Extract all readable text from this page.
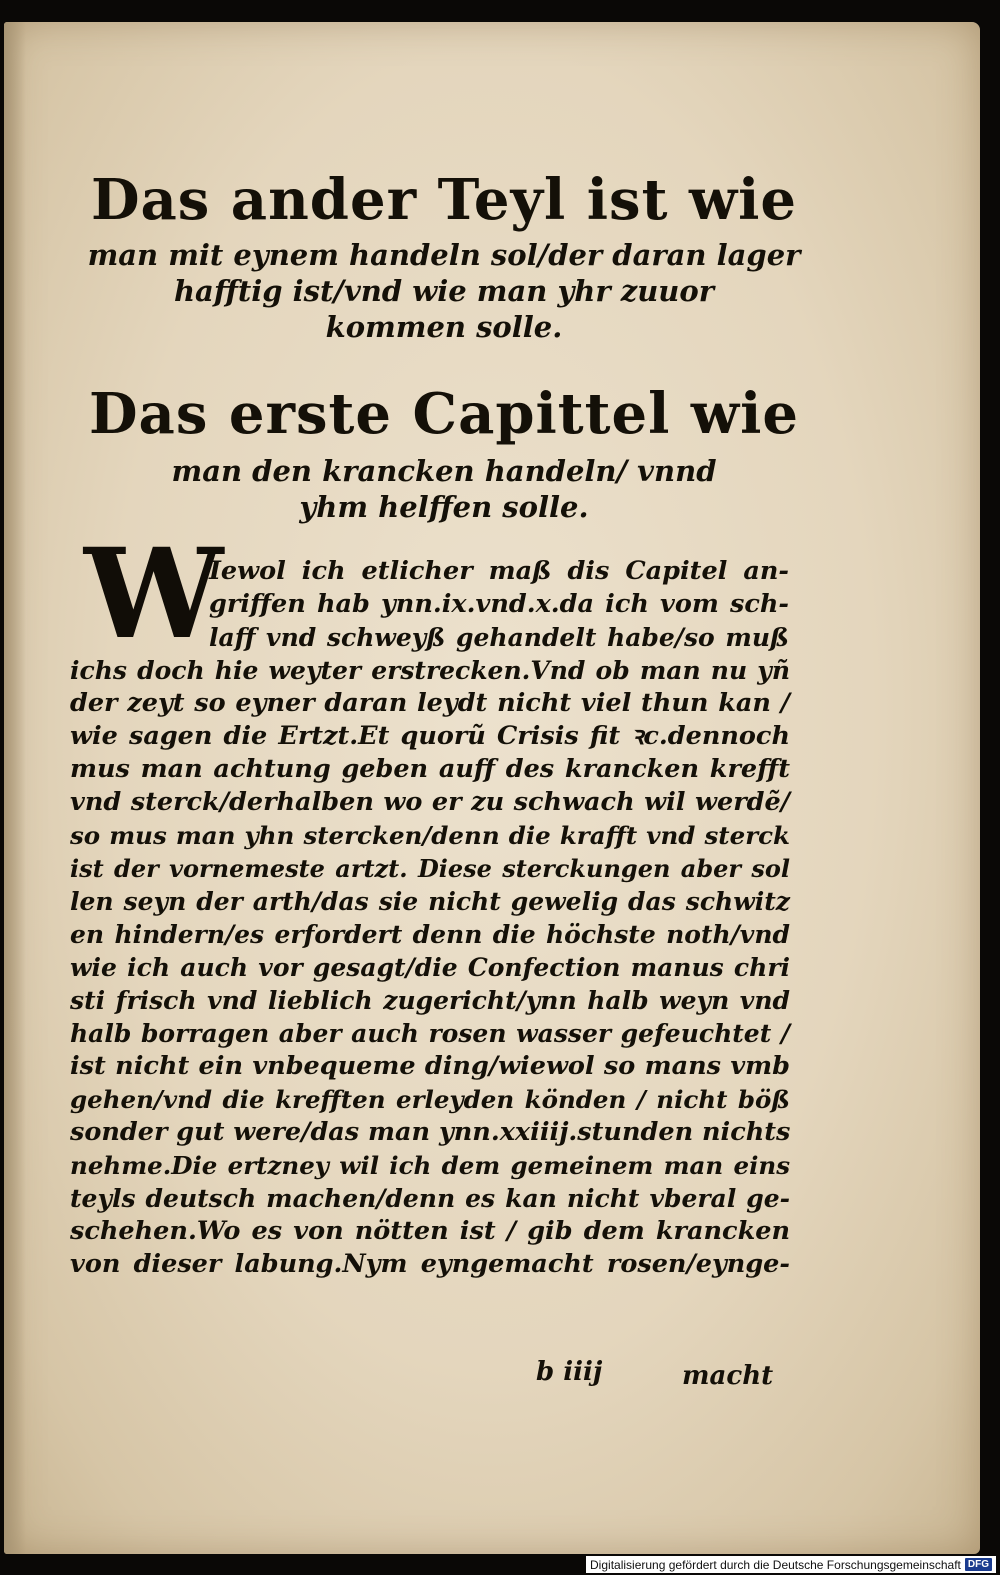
Das ander Teyl ist wie
man mit eynem handeln sol/der daran lager
hafftig ist/vnd wie man yhr zuuor
kommen solle.
Das erste Capittel wie
man den krancken handeln/ vnnd
yhm helffen solle.
W
Iewol ich etlicher maß dis Capitel an-
griffen hab ynn.ix.vnd.x.da ich vom sch-
laff vnd schweyß gehandelt habe/so muß
ichs doch hie weyter erstrecken.Vnd ob man nu yñ
der zeyt so eyner daran leydt nicht viel thun kan /
wie sagen die Ertzt.Et quorũ Crisis fit ꝛc.dennoch
mus man achtung geben auff des krancken krefft
vnd sterck/derhalben wo er zu schwach wil werdẽ/
so mus man yhn stercken/denn die krafft vnd sterck
ist der vornemeste artzt. Diese sterckungen aber sol
len seyn der arth/das sie nicht gewelig das schwitz
en hindern/es erfordert denn die höchste noth/vnd
wie ich auch vor gesagt/die Confection manus chri
sti frisch vnd lieblich zugericht/ynn halb weyn vnd
halb borragen aber auch rosen wasser gefeuchtet /
ist nicht ein vnbequeme ding/wiewol so mans vmb
gehen/vnd die krefften erleyden könden / nicht böß
sonder gut were/das man ynn.xxiiij.stunden nichts
nehme.Die ertzney wil ich dem gemeinem man eins
teyls deutsch machen/denn es kan nicht vberal ge-
schehen.Wo es von nötten ist / gib dem krancken
von dieser labung.Nym eyngemacht rosen/eynge-
b iiij	macht
Digitalisierung gefördert durch die Deutsche Forschungsgemeinschaft DFG
